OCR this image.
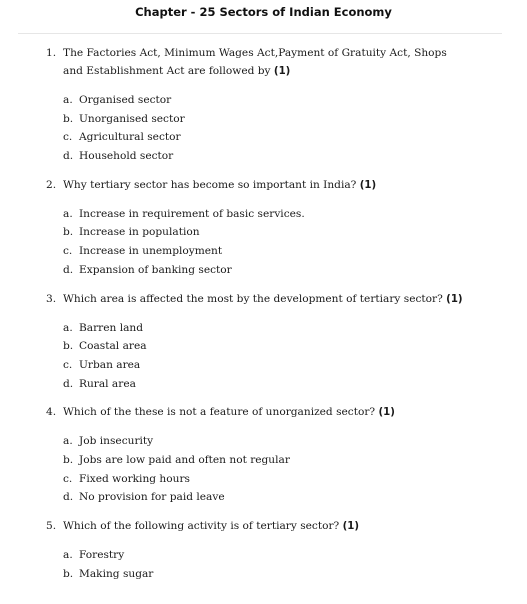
Chapter - 25 Sectors of Indian Economy
1. The Factories Act, Minimum Wages Act,Payment of Gratuity Act, Shops and Establishment Act are followed by (1)
a. Organised sector
b. Unorganised sector
c. Agricultural sector
d. Household sector
2. Why tertiary sector has become so important in India? (1)
a. Increase in requirement of basic services.
b. Increase in population
c. Increase in unemployment
d. Expansion of banking sector
3. Which area is affected the most by the development of tertiary sector? (1)
a. Barren land
b. Coastal area
c. Urban area
d. Rural area
4. Which of the these is not a feature of unorganized sector? (1)
a. Job insecurity
b. Jobs are low paid and often not regular
c. Fixed working hours
d. No provision for paid leave
5. Which of the following activity is of tertiary sector? (1)
a. Forestry
b. Making sugar
